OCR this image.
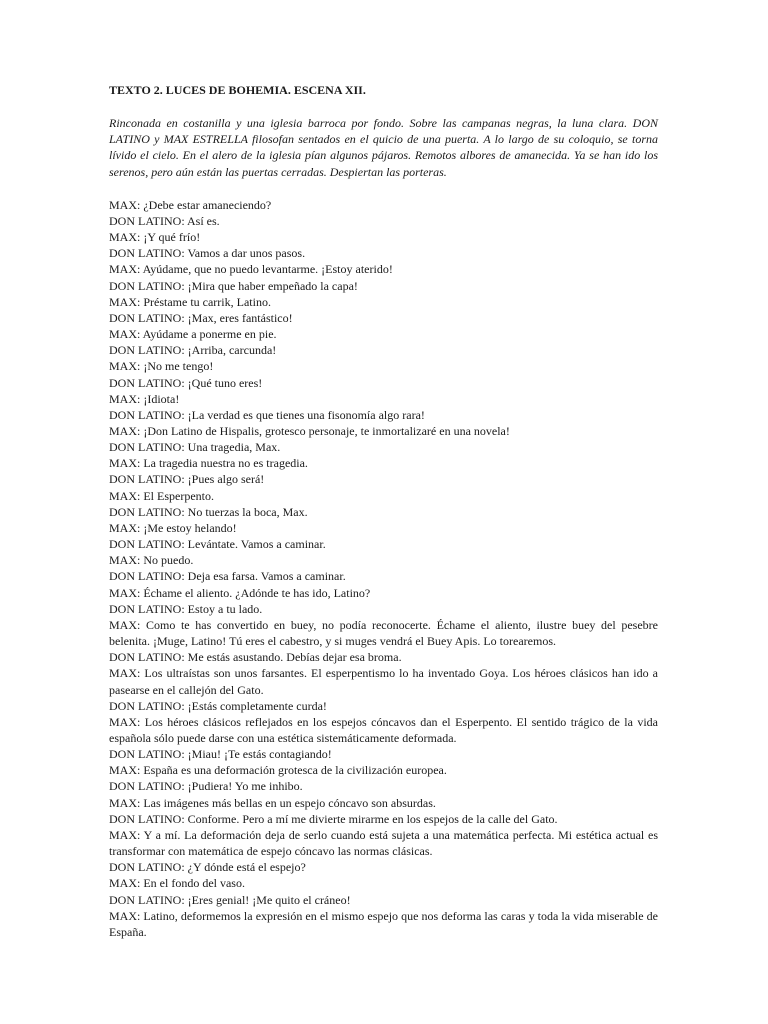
TEXTO 2. LUCES DE BOHEMIA. ESCENA XII.
Rinconada en costanilla y una iglesia barroca por fondo. Sobre las campanas negras, la luna clara. DON LATINO y MAX ESTRELLA filosofan sentados en el quicio de una puerta. A lo largo de su coloquio, se torna lívido el cielo. En el alero de la iglesia pían algunos pájaros. Remotos albores de amanecida. Ya se han ido los serenos, pero aún están las puertas cerradas. Despiertan las porteras.

MAX: ¿Debe estar amaneciendo?

DON LATINO: Así es.

MAX: ¡Y qué frío!

DON LATINO: Vamos a dar unos pasos.

MAX: Ayúdame, que no puedo levantarme. ¡Estoy aterido!

DON LATINO: ¡Mira que haber empeñado la capa!

MAX: Préstame tu carrik, Latino.

DON LATINO: ¡Max, eres fantástico!

MAX: Ayúdame a ponerme en pie.

DON LATINO: ¡Arriba, carcunda!

MAX: ¡No me tengo!

DON LATINO: ¡Qué tuno eres!

MAX: ¡Idiota!

DON LATINO: ¡La verdad es que tienes una fisonomía algo rara!

MAX: ¡Don Latino de Hispalis, grotesco personaje, te inmortalizaré en una novela!

DON LATINO: Una tragedia, Max.

MAX: La tragedia nuestra no es tragedia.

DON LATINO: ¡Pues algo será!

MAX: El Esperpento.

DON LATINO: No tuerzas la boca, Max.

MAX: ¡Me estoy helando!

DON LATINO: Levántate. Vamos a caminar.

MAX: No puedo.

DON LATINO: Deja esa farsa. Vamos a caminar.

MAX: Échame el aliento. ¿Adónde te has ido, Latino?

DON LATINO: Estoy a tu lado.

MAX: Como te has convertido en buey, no podía reconocerte. Échame el aliento, ilustre buey del pesebre belenita. ¡Muge, Latino! Tú eres el cabestro, y si muges vendrá el Buey Apis. Lo torearemos.

DON LATINO: Me estás asustando. Debías dejar esa broma.

MAX: Los ultraístas son unos farsantes. El esperpentismo lo ha inventado Goya. Los héroes clásicos han ido a pasearse en el callejón del Gato.

DON LATINO: ¡Estás completamente curda!

MAX: Los héroes clásicos reflejados en los espejos cóncavos dan el Esperpento. El sentido trágico de la vida española sólo puede darse con una estética sistemáticamente deformada.

DON LATINO: ¡Miau! ¡Te estás contagiando!

MAX: España es una deformación grotesca de la civilización europea.

DON LATINO: ¡Pudiera! Yo me inhibo.

MAX: Las imágenes más bellas en un espejo cóncavo son absurdas.

DON LATINO: Conforme. Pero a mí me divierte mirarme en los espejos de la calle del Gato.

MAX: Y a mí. La deformación deja de serlo cuando está sujeta a una matemática perfecta. Mi estética actual es transformar con matemática de espejo cóncavo las normas clásicas.

DON LATINO: ¿Y dónde está el espejo?

MAX: En el fondo del vaso.

DON LATINO: ¡Eres genial! ¡Me quito el cráneo!

MAX: Latino, deformemos la expresión en el mismo espejo que nos deforma las caras y toda la vida miserable de España.
